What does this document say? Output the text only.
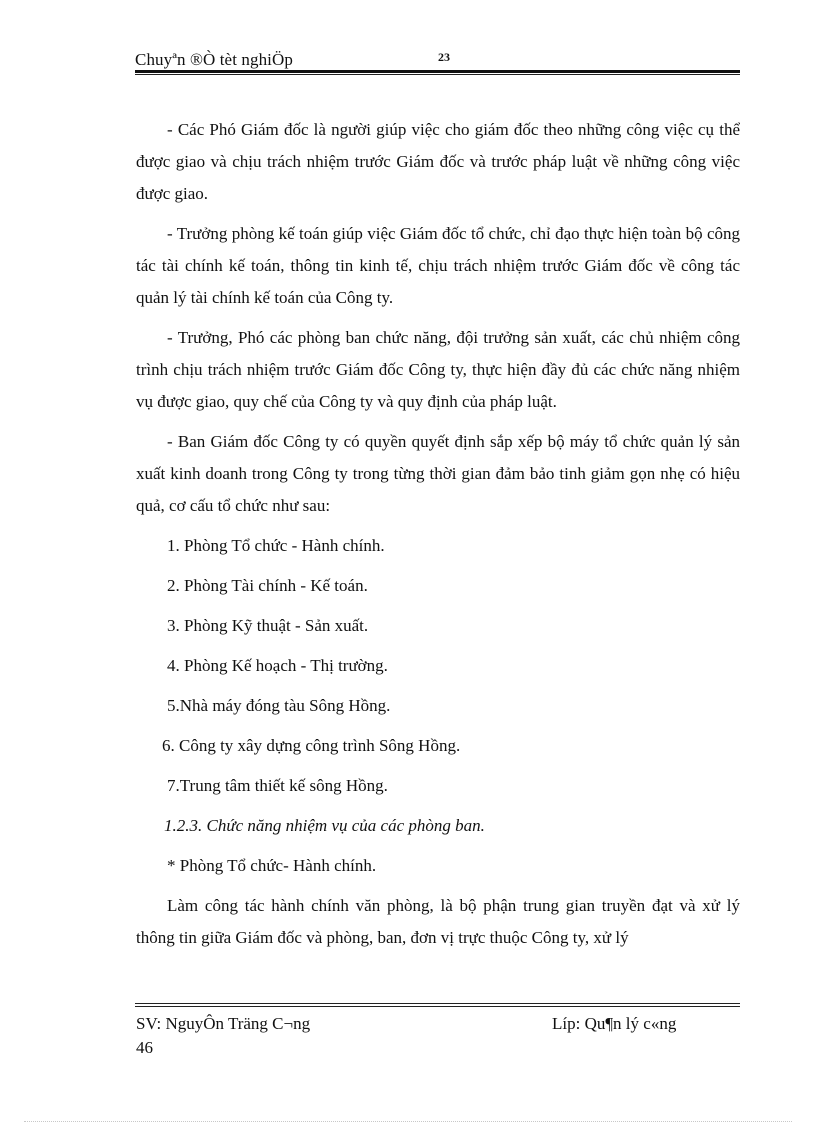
Chuyªn ®Ò tèt nghiÖp	23

- Các Phó Giám đốc là người giúp việc cho giám đốc theo những công việc cụ thể được giao và chịu trách nhiệm trước Giám đốc và trước pháp luật về những công việc được giao.

- Trưởng phòng kế toán giúp việc Giám đốc tổ chức, chỉ đạo thực hiện toàn bộ công tác tài chính kế toán, thông tin kinh tế, chịu trách nhiệm trước Giám đốc về công tác quản lý tài chính kế toán của Công ty.

- Trưởng, Phó các phòng ban chức năng, đội trưởng sản xuất, các chủ nhiệm công trình chịu trách nhiệm trước Giám đốc Công ty, thực hiện đầy đủ các chức năng nhiệm vụ được giao, quy chế của Công ty và quy định của pháp luật.

- Ban Giám đốc Công ty có quyền quyết định sắp xếp bộ máy tổ chức quản lý sản xuất kinh doanh trong Công ty trong từng thời gian đảm bảo tinh giảm gọn nhẹ có hiệu quả, cơ cấu tổ chức như sau:

1. Phòng Tổ chức - Hành chính.

2. Phòng Tài chính - Kế toán.

3. Phòng Kỹ thuật - Sản xuất.

4. Phòng Kế hoạch - Thị trường.

5.Nhà máy đóng tàu Sông Hồng.

6. Công ty xây dựng công trình Sông Hồng.

7.Trung tâm thiết kế sông Hồng.

1.2.3. Chức năng nhiệm vụ của các phòng ban.

* Phòng Tổ chức- Hành chính.

Làm công tác hành chính văn phòng, là bộ phận trung gian truyền đạt và xử lý thông tin giữa Giám đốc và phòng, ban, đơn vị trực thuộc Công ty, xử lý

SV: NguyÔn Träng C¬ng	Líp: Qu¶n lý c«ng
46
